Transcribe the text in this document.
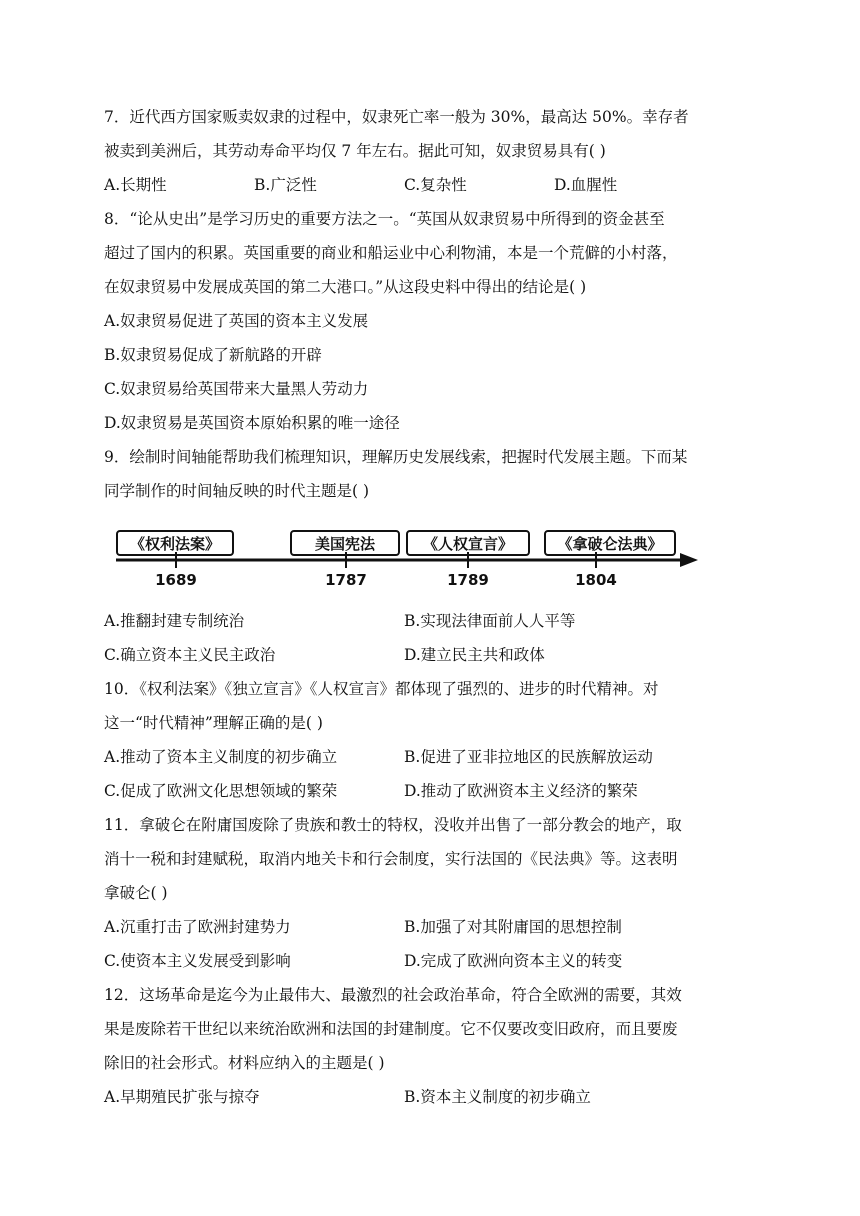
7．近代西方国家贩卖奴隶的过程中，奴隶死亡率一般为 30%，最高达 50%。幸存者
被卖到美洲后，其劳动寿命平均仅 7 年左右。据此可知，奴隶贸易具有( )
A.长期性	B.广泛性	C.复杂性	D.血腥性
8．“论从史出”是学习历史的重要方法之一。“英国从奴隶贸易中所得到的资金甚至
超过了国内的积累。英国重要的商业和船运业中心利物浦，本是一个荒僻的小村落，
在奴隶贸易中发展成英国的第二大港口。”从这段史料中得出的结论是( )
A.奴隶贸易促进了英国的资本主义发展
B.奴隶贸易促成了新航路的开辟
C.奴隶贸易给英国带来大量黑人劳动力
D.奴隶贸易是英国资本原始积累的唯一途径
9．绘制时间轴能帮助我们梳理知识，理解历史发展线索，把握时代发展主题。下而某
同学制作的时间轴反映的时代主题是( )
《权利法案》	美国宪法	《人权宣言》	《拿破仑法典》
1689	1787	1789	1804
A.推翻封建专制统治	B.实现法律面前人人平等
C.确立资本主义民主政治	D.建立民主共和政体
10．《权利法案》《独立宣言》《人权宣言》都体现了强烈的、进步的时代精神。对
这一“时代精神”理解正确的是( )
A.推动了资本主义制度的初步确立	B.促进了亚非拉地区的民族解放运动
C.促成了欧洲文化思想领域的繁荣	D.推动了欧洲资本主义经济的繁荣
11．拿破仑在附庸国废除了贵族和教士的特权，没收并出售了一部分教会的地产，取
消十一税和封建赋税，取消内地关卡和行会制度，实行法国的《民法典》等。这表明
拿破仑( )
A.沉重打击了欧洲封建势力	B.加强了对其附庸国的思想控制
C.使资本主义发展受到影响	D.完成了欧洲向资本主义的转变
12．这场革命是迄今为止最伟大、最激烈的社会政治革命，符合全欧洲的需要，其效
果是废除若干世纪以来统治欧洲和法国的封建制度。它不仅要改变旧政府，而且要废
除旧的社会形式。材料应纳入的主题是( )
A.早期殖民扩张与掠夺	B.资本主义制度的初步确立
